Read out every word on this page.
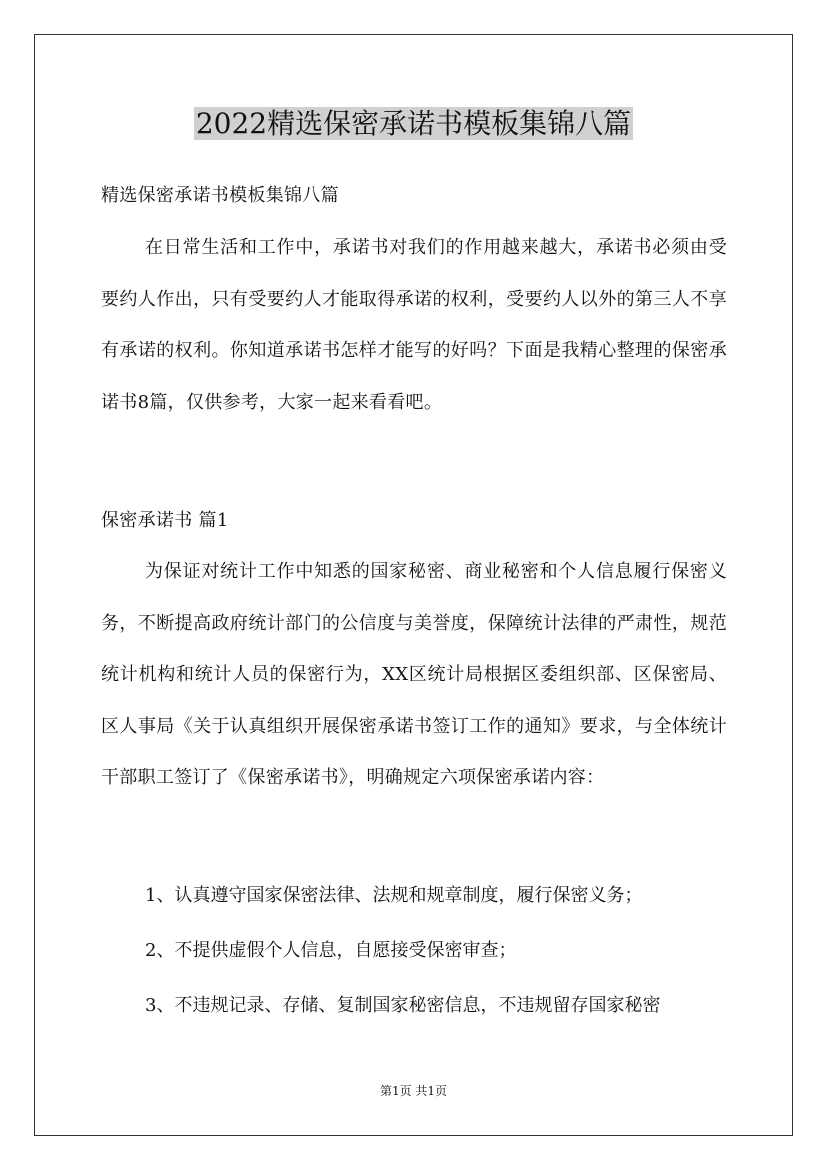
2022精选保密承诺书模板集锦八篇

精选保密承诺书模板集锦八篇

在日常生活和工作中，承诺书对我们的作用越来越大，承诺书必须由受要约人作出，只有受要约人才能取得承诺的权利，受要约人以外的第三人不享有承诺的权利。你知道承诺书怎样才能写的好吗？下面是我精心整理的保密承诺书8篇，仅供参考，大家一起来看看吧。

保密承诺书 篇1

为保证对统计工作中知悉的国家秘密、商业秘密和个人信息履行保密义务，不断提高政府统计部门的公信度与美誉度，保障统计法律的严肃性，规范统计机构和统计人员的保密行为，XX区统计局根据区委组织部、区保密局、区人事局《关于认真组织开展保密承诺书签订工作的通知》要求，与全体统计干部职工签订了《保密承诺书》，明确规定六项保密承诺内容：

1、认真遵守国家保密法律、法规和规章制度，履行保密义务；
2、不提供虚假个人信息，自愿接受保密审查；
3、不违规记录、存储、复制国家秘密信息，不违规留存国家秘密
第1页 共1页
